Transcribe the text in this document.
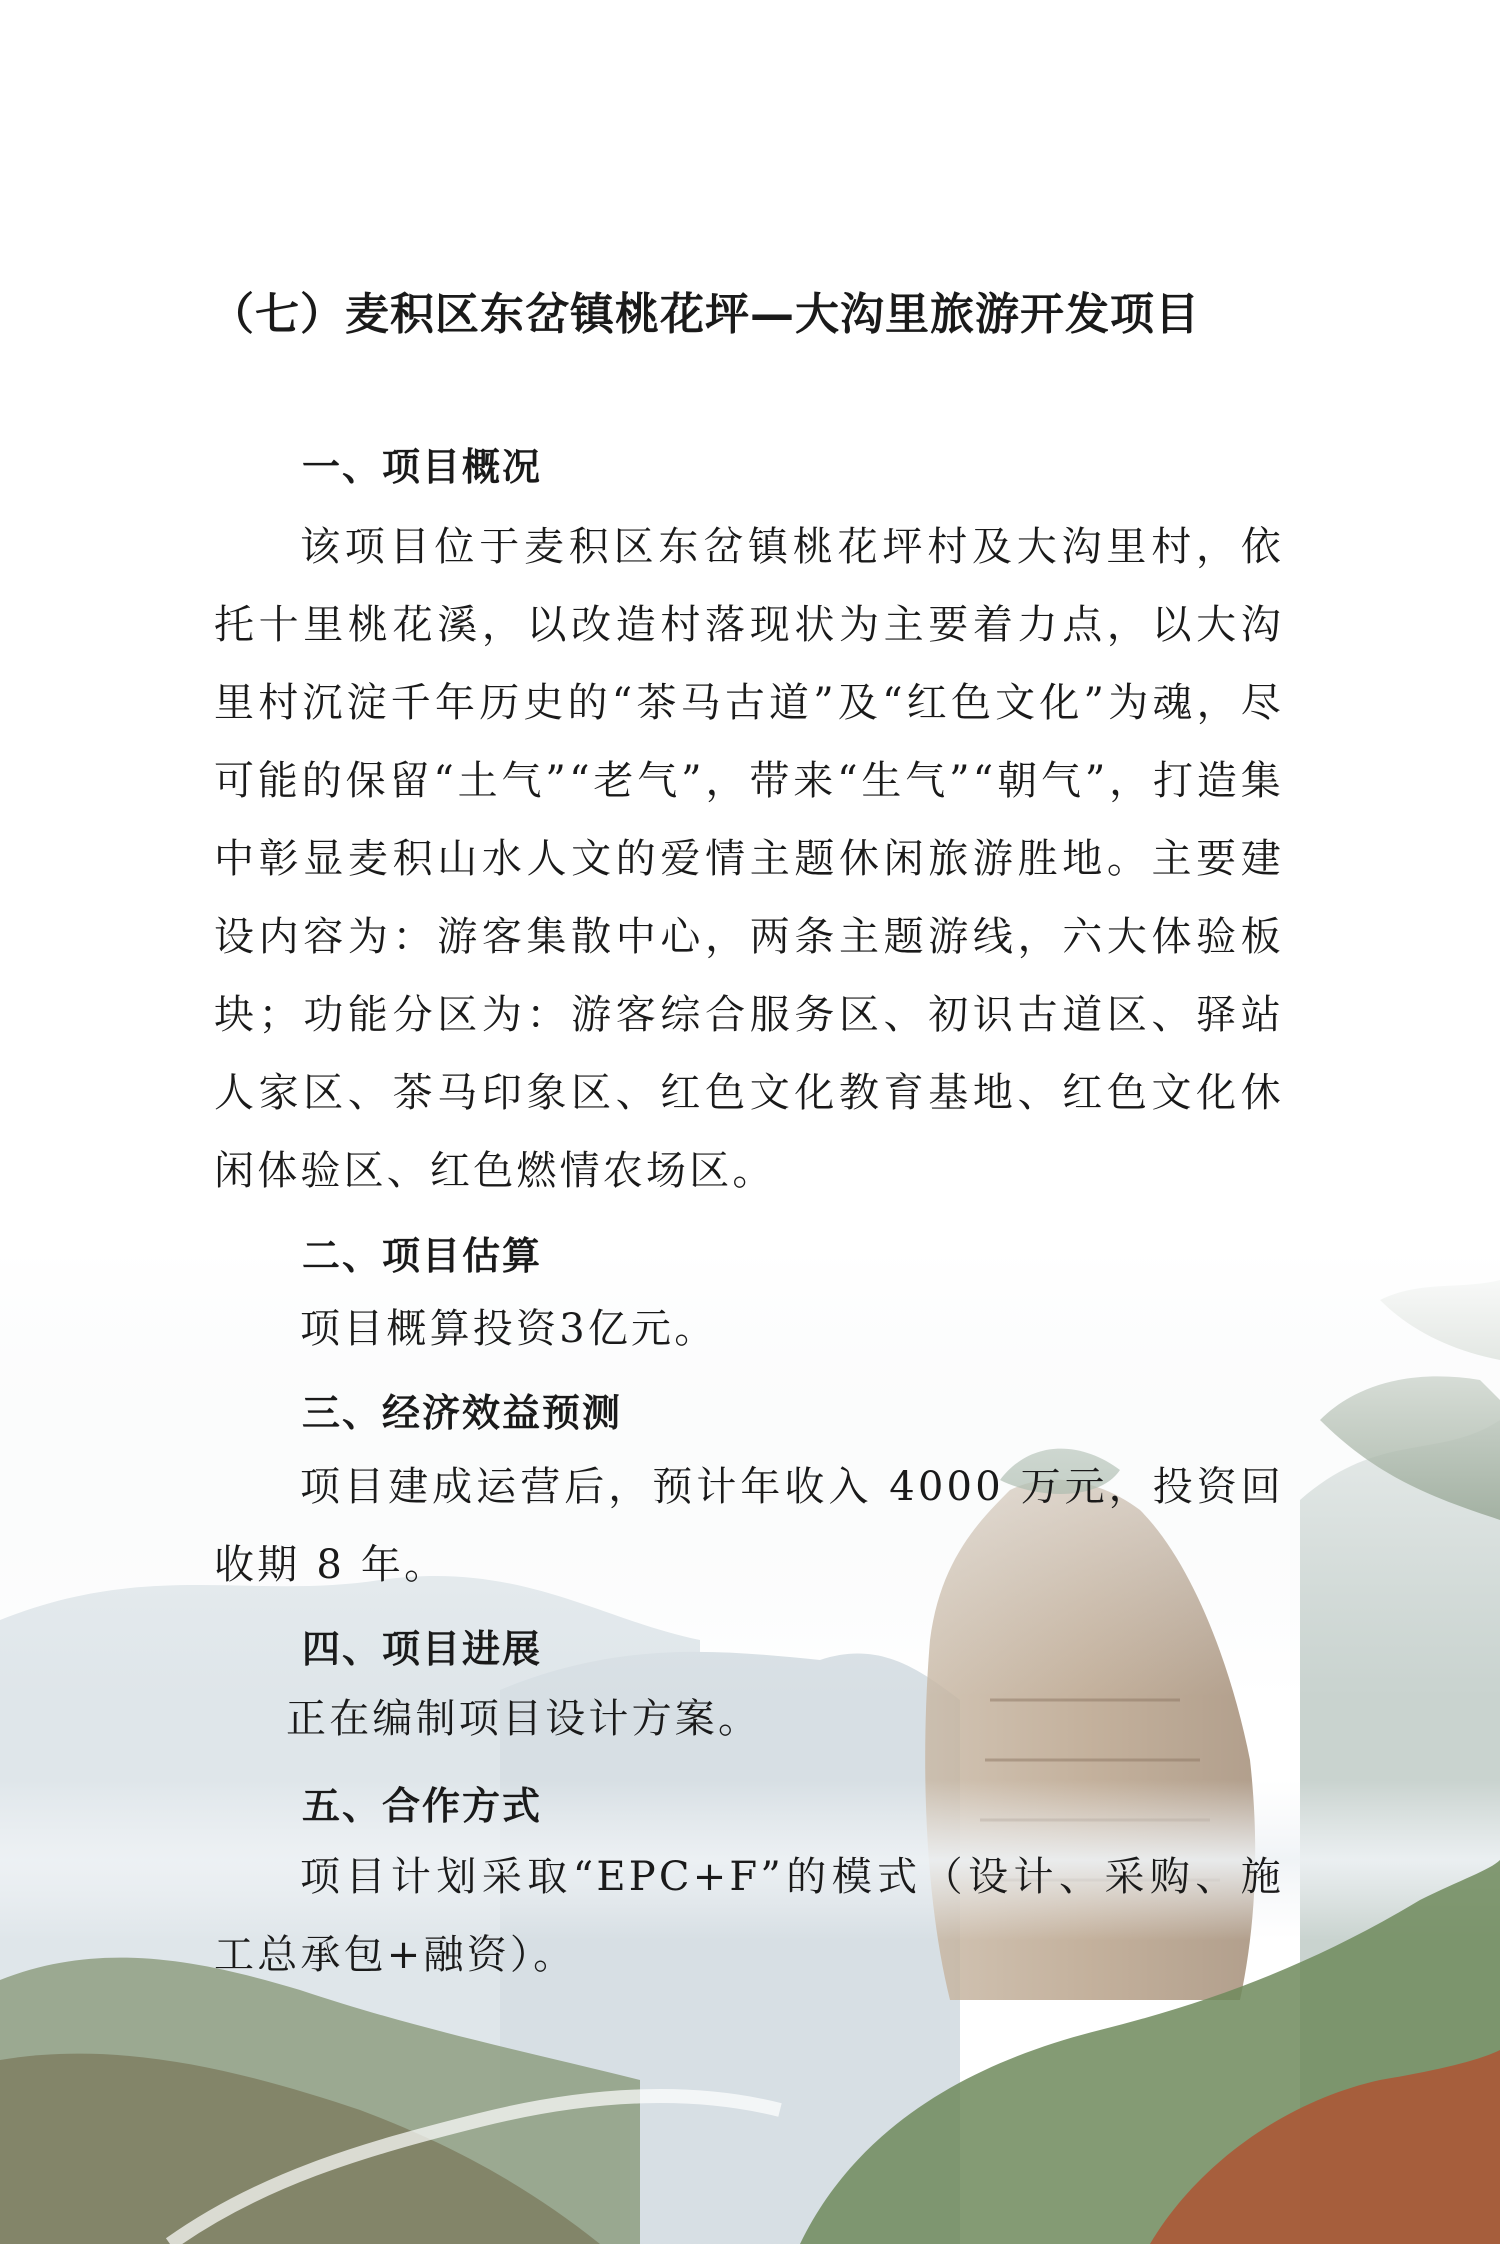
（七）麦积区东岔镇桃花坪—大沟里旅游开发项目
一、项目概况
该项目位于麦积区东岔镇桃花坪村及大沟里村，依托十里桃花溪，以改造村落现状为主要着力点，以大沟里村沉淀千年历史的“茶马古道”及“红色文化”为魂，尽可能的保留“土气”“老气”，带来“生气”“朝气”，打造集中彰显麦积山水人文的爱情主题休闲旅游胜地。主要建设内容为：游客集散中心，两条主题游线，六大体验板块；功能分区为：游客综合服务区、初识古道区、驿站人家区、茶马印象区、红色文化教育基地、红色文化休闲体验区、红色燃情农场区。
二、项目估算
项目概算投资3亿元。
三、经济效益预测
项目建成运营后，预计年收入 4000 万元，投资回收期 8 年。
四、项目进展
正在编制项目设计方案。
五、合作方式
项目计划采取“EPC+F”的模式（设计、采购、施工总承包+融资）。
